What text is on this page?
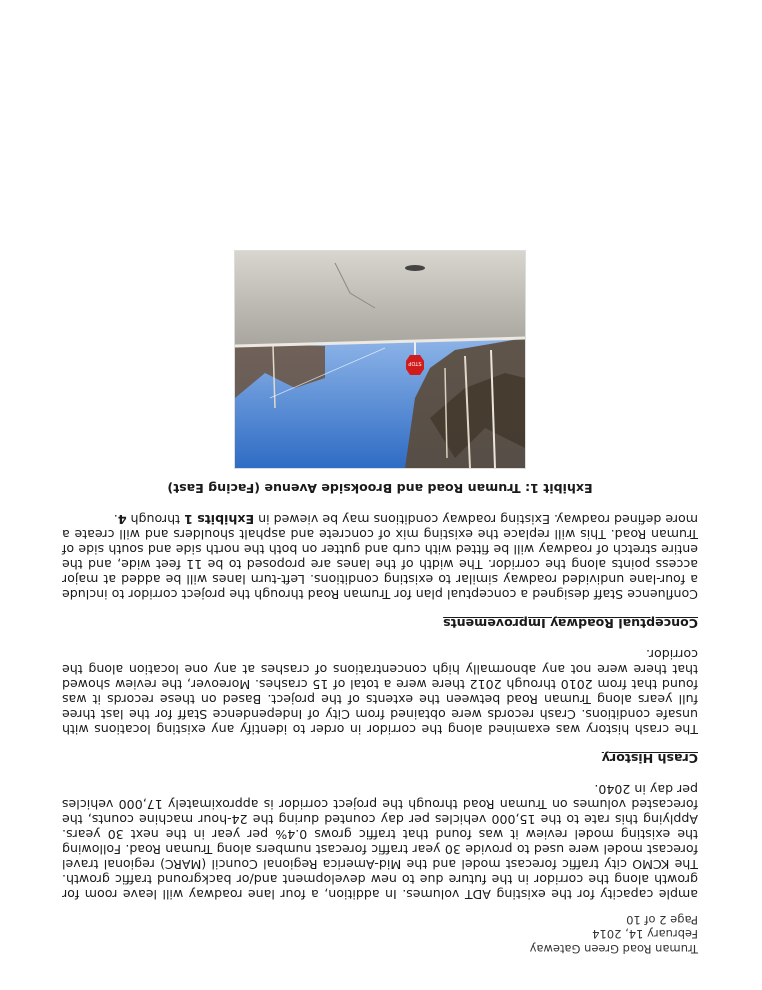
Truman Road Green Gateway
February 14, 2014
Page 2 of 10

ample capacity for the existing ADT volumes. In addition, a four lane roadway will leave room for growth along the corridor in the future due to new development and/or background traffic growth. The KCMO city traffic forecast model and the Mid-America Regional Council (MARC) regional travel forecast model were used to provide 30 year traffic forecast numbers along Truman Road. Following the existing model review it was found that traffic grows 0.4% per year in the next 30 years. Applying this rate to the 15,000 vehicles per day counted during the 24-hour machine counts, the forecasted volumes on Truman Road through the project corridor is approximately 17,000 vehicles per day in 2040.

Crash History

The crash history was examined along the corridor in order to identify any existing locations with unsafe conditions. Crash records were obtained from City of Independence Staff for the last three full years along Truman Road between the extents of the project. Based on these records it was found that from 2010 through 2012 there were a total of 15 crashes. Moreover, the review showed that there were not any abnormally high concentrations of crashes at any one location along the corridor.

Conceptual Roadway Improvements

Confluence Staff designed a conceptual plan for Truman Road through the project corridor to include a four-lane undivided roadway similar to existing conditions. Left-turn lanes will be added at major access points along the corridor. The width of the lanes are proposed to be 11 feet wide, and the entire stretch of roadway will be fitted with curb and gutter on both the north side and south side of Truman Road. This will replace the existing mix of concrete and asphalt shoulders and will create a more defined roadway. Existing roadway conditions may be viewed in Exhibits 1 through 4.

Exhibit 1: Truman Road and Brookside Avenue (Facing East)

STOP
